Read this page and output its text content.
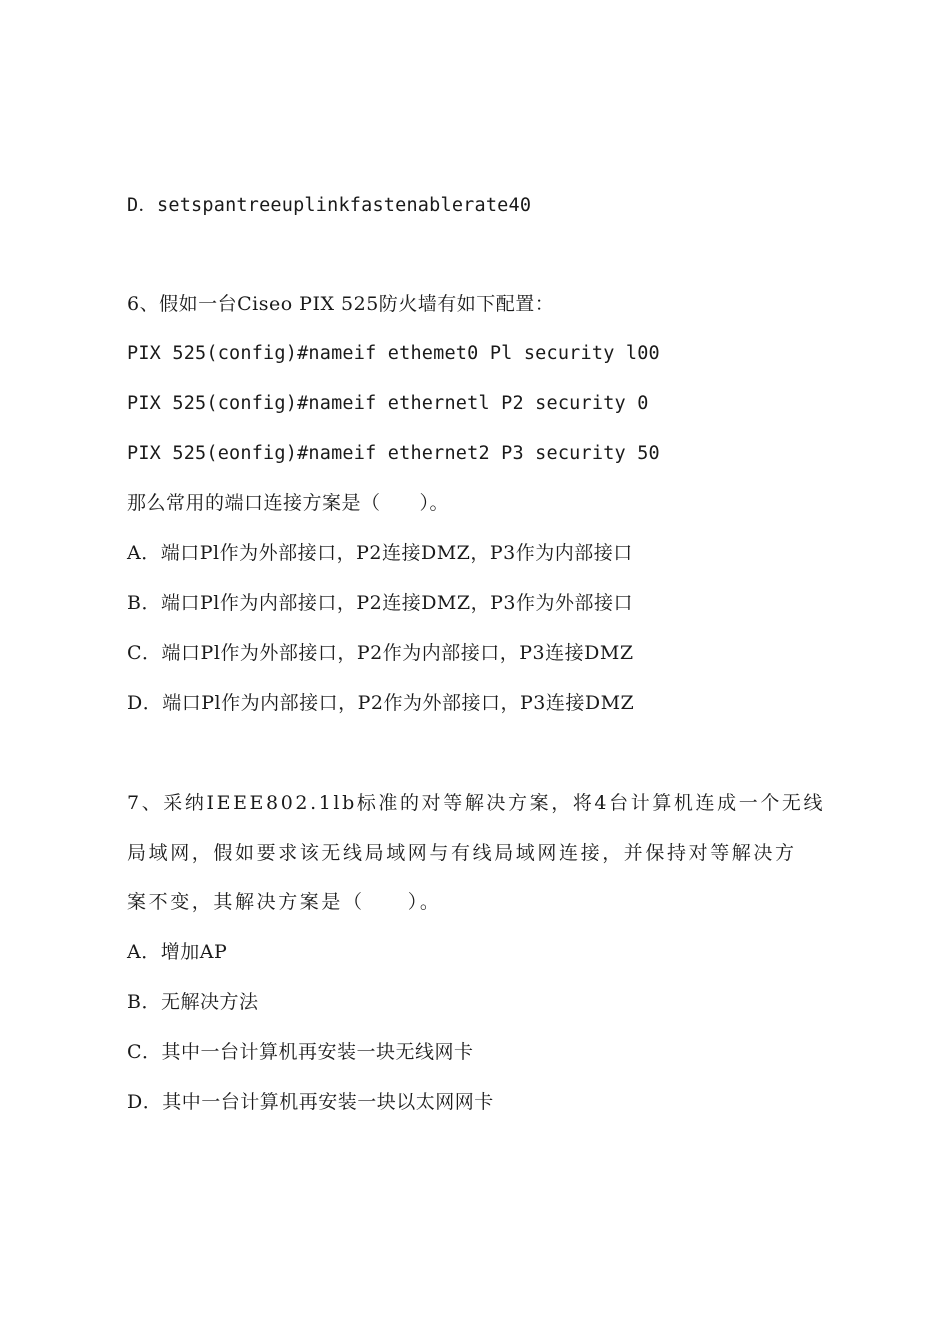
D．setspantreeuplinkfastenablerate40
6、假如一台Ciseo PIX 525防火墙有如下配置：
PIX 525(config)#nameif ethemet0 Pl security l00
PIX 525(config)#nameif ethernetl P2 security 0
PIX 525(eonfig)#nameif ethernet2 P3 security 50
那么常用的端口连接方案是（　　）。
A．端口Pl作为外部接口，P2连接DMZ，P3作为内部接口
B．端口Pl作为内部接口，P2连接DMZ，P3作为外部接口
C．端口Pl作为外部接口，P2作为内部接口，P3连接DMZ
D．端口Pl作为内部接口，P2作为外部接口，P3连接DMZ
7、采纳IEEE802.1lb标准的对等解决方案，将4台计算机连成一个无线
局域网，假如要求该无线局域网与有线局域网连接，并保持对等解决方
案不变，其解决方案是（　　）。
A．增加AP
B．无解决方法
C．其中一台计算机再安装一块无线网卡
D．其中一台计算机再安装一块以太网网卡
